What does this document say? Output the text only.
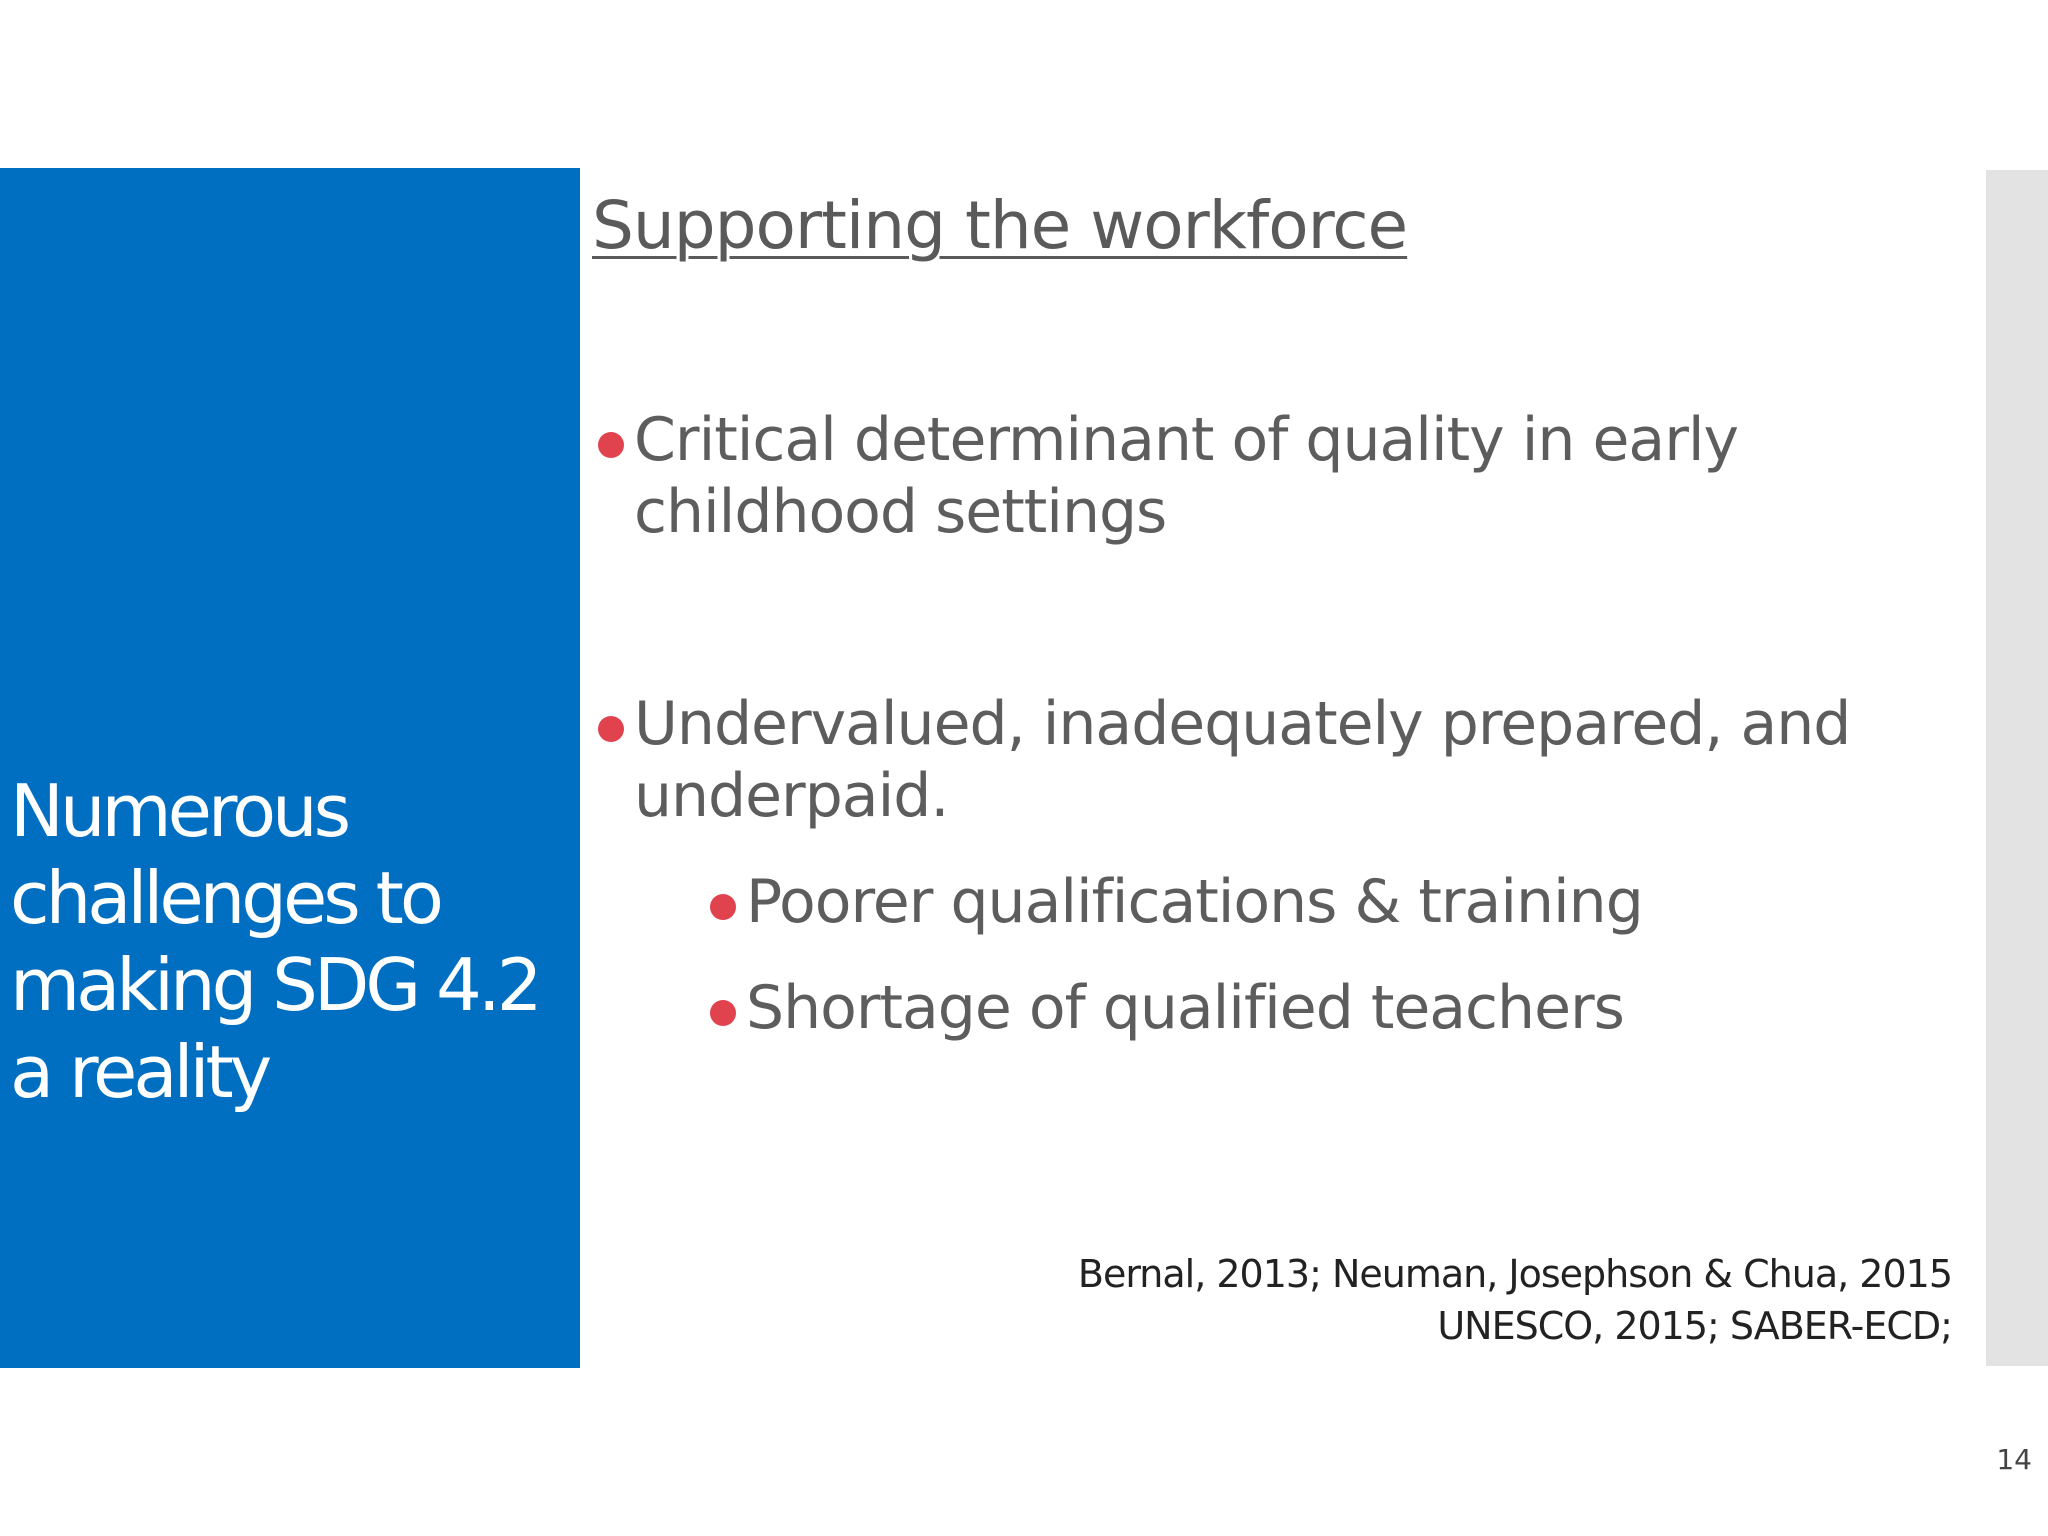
Numerous challenges to making SDG 4.2 a reality
Supporting the workforce
Critical determinant of quality in early childhood settings
Undervalued, inadequately prepared, and underpaid.
Poorer qualifications & training
Shortage of qualified teachers
Bernal, 2013; Neuman, Josephson & Chua, 2015
UNESCO, 2015; SABER-ECD;
14
